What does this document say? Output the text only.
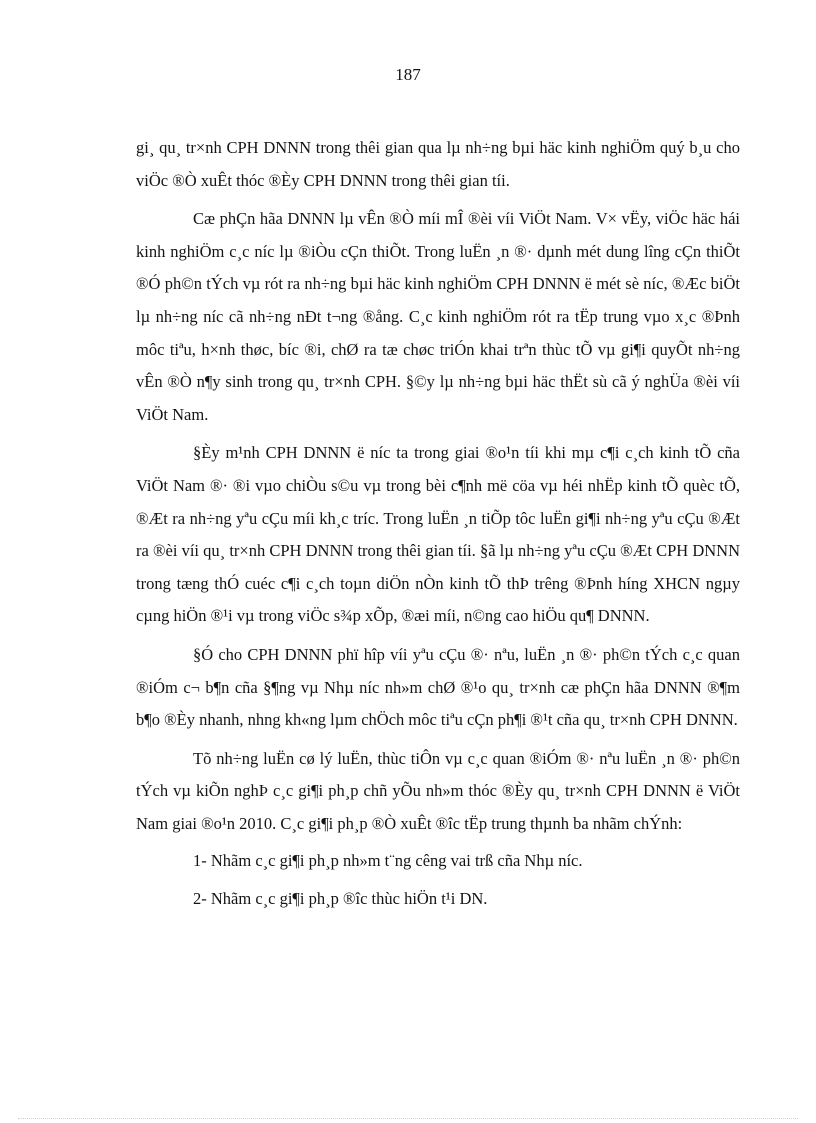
187

gi¸ qu¸ tr×nh CPH DNNN trong thêi gian qua lµ nh÷ng bµi häc kinh nghiÖm quý b¸u cho viÖc ®Ò xuÊt thóc ®Èy CPH DNNN trong thêi gian tíi.

Cæ phÇn hãa DNNN lµ vÊn ®Ò míi mÎ ®èi víi ViÖt Nam. V× vËy, viÖc häc hái kinh nghiÖm c¸c níc lµ ®iÒu cÇn thiÕt. Trong luËn ¸n ®· dµnh mét dung lîng cÇn thiÕt ®Ó ph©n tÝch vµ rót ra nh÷ng bµi häc kinh nghiÖm CPH DNNN ë mét sè níc, ®Æc biÖt lµ nh÷ng níc cã nh÷ng nÐt t¬ng ®ång. C¸c kinh nghiÖm rót ra tËp trung vµo x¸c ®Þnh môc tiªu, h×nh thøc, bíc ®i, chØ ra tæ chøc triÓn khai trªn thùc tÕ vµ gi¶i quyÕt nh÷ng vÊn ®Ò n¶y sinh trong qu¸ tr×nh CPH. §©y lµ nh÷ng bµi häc thËt sù cã ý nghÜa ®èi víi ViÖt Nam.

§Èy m¹nh CPH DNNN ë níc ta trong giai ®o¹n tíi khi mµ c¶i c¸ch kinh tÕ cña ViÖt Nam ®· ®i vµo chiÒu s©u vµ trong bèi c¶nh më cöa vµ héi nhËp kinh tÕ quèc tÕ, ®Æt ra nh÷ng yªu cÇu míi kh¸c tríc. Trong luËn ¸n tiÕp tôc luËn gi¶i nh÷ng yªu cÇu ®Æt ra ®èi víi qu¸ tr×nh CPH DNNN trong thêi gian tíi. §ã lµ nh÷ng yªu cÇu ®Æt CPH DNNN trong tæng thÓ cuéc c¶i c¸ch toµn diÖn nÒn kinh tÕ thÞ trêng ®Þnh híng XHCN ngµy cµng hiÖn ®¹i vµ trong viÖc s¾p xÕp, ®æi míi, n©ng cao hiÖu qu¶ DNNN.

§Ó cho CPH DNNN phï hîp víi yªu cÇu ®· nªu, luËn ¸n ®· ph©n tÝch c¸c quan ®iÓm c¬ b¶n cña §¶ng vµ Nhµ níc nh»m chØ ®¹o qu¸ tr×nh cæ phÇn hãa DNNN ®¶m b¶o ®Èy nhanh, nhng kh«ng lµm chÖch môc tiªu cÇn ph¶i ®¹t cña qu¸ tr×nh CPH DNNN.

Tõ nh÷ng luËn cø lý luËn, thùc tiÔn vµ c¸c quan ®iÓm ®· nªu luËn ¸n ®· ph©n tÝch vµ kiÕn nghÞ c¸c gi¶i ph¸p chñ yÕu nh»m thóc ®Èy qu¸ tr×nh CPH DNNN ë ViÖt Nam giai ®o¹n 2010. C¸c gi¶i ph¸p ®Ò xuÊt ®îc tËp trung thµnh ba nhãm chÝnh:

1- Nhãm c¸c gi¶i ph¸p nh»m t¨ng cêng vai trß cña Nhµ níc.

2- Nhãm c¸c gi¶i ph¸p ®îc thùc hiÖn t¹i DN.
